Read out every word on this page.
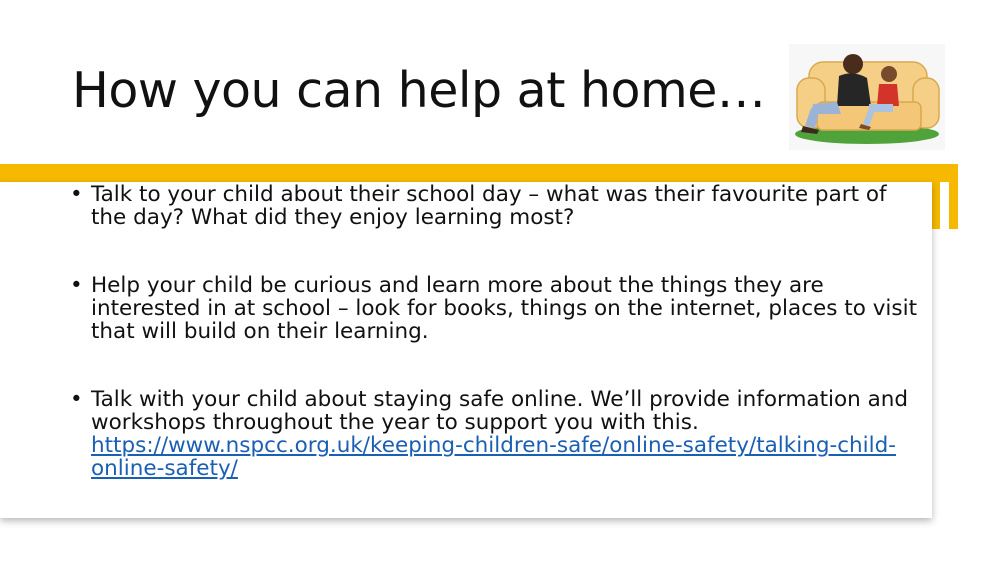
How you can help at home…
• Talk to your child about their school day – what was their favourite part of the day? What did they enjoy learning most?
• Help your child be curious and learn more about the things they are interested in at school – look for books, things on the internet, places to visit that will build on their learning.
• Talk with your child about staying safe online. We’ll provide information and workshops throughout the year to support you with this. https://www.nspcc.org.uk/keeping-children-safe/online-safety/talking-child-online-safety/
